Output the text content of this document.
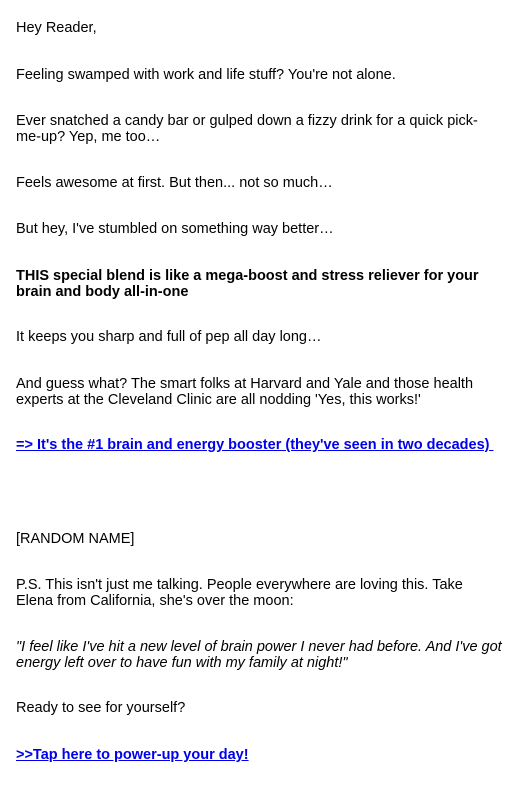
Hey Reader,

Feeling swamped with work and life stuff? You're not alone.

Ever snatched a candy bar or gulped down a fizzy drink for a quick pick-me-up? Yep, me too…

Feels awesome at first. But then... not so much…

But hey, I've stumbled on something way better…

THIS special blend is like a mega-boost and stress reliever for your brain and body all-in-one

It keeps you sharp and full of pep all day long…

And guess what? The smart folks at Harvard and Yale and those health experts at the Cleveland Clinic are all nodding 'Yes, this works!'

=> It's the #1 brain and energy booster (they've seen in two decades)

[RANDOM NAME]

P.S. This isn't just me talking. People everywhere are loving this. Take Elena from California, she's over the moon:

"I feel like I've hit a new level of brain power I never had before. And I've got energy left over to have fun with my family at night!"

Ready to see for yourself?

>>Tap here to power-up your day!
